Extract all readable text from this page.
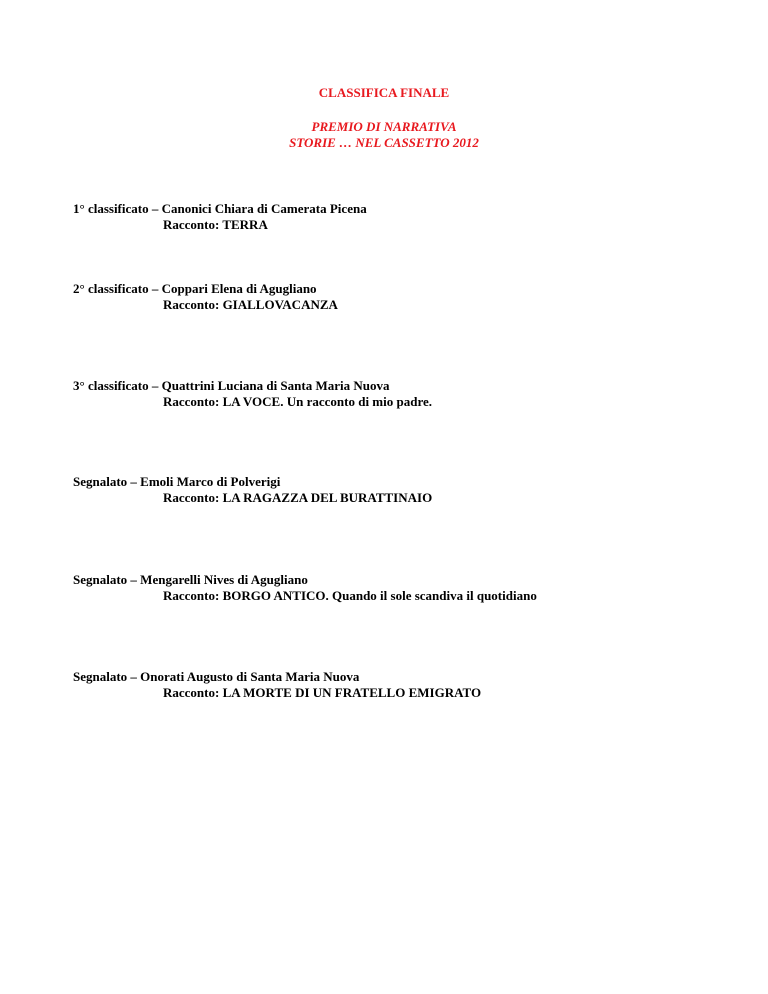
CLASSIFICA FINALE
PREMIO DI NARRATIVA
STORIE … NEL CASSETTO 2012
1° classificato – Canonici Chiara di Camerata Picena
Racconto: TERRA
2° classificato – Coppari Elena di Agugliano
Racconto: GIALLOVACANZA
3° classificato – Quattrini Luciana di Santa Maria Nuova
Racconto: LA VOCE. Un racconto di mio padre.
Segnalato – Emoli Marco di Polverigi
Racconto: LA RAGAZZA DEL BURATTINAIO
Segnalato – Mengarelli Nives di Agugliano
Racconto: BORGO ANTICO. Quando il sole scandiva il quotidiano
Segnalato – Onorati Augusto di Santa Maria Nuova
Racconto: LA MORTE DI UN FRATELLO EMIGRATO
